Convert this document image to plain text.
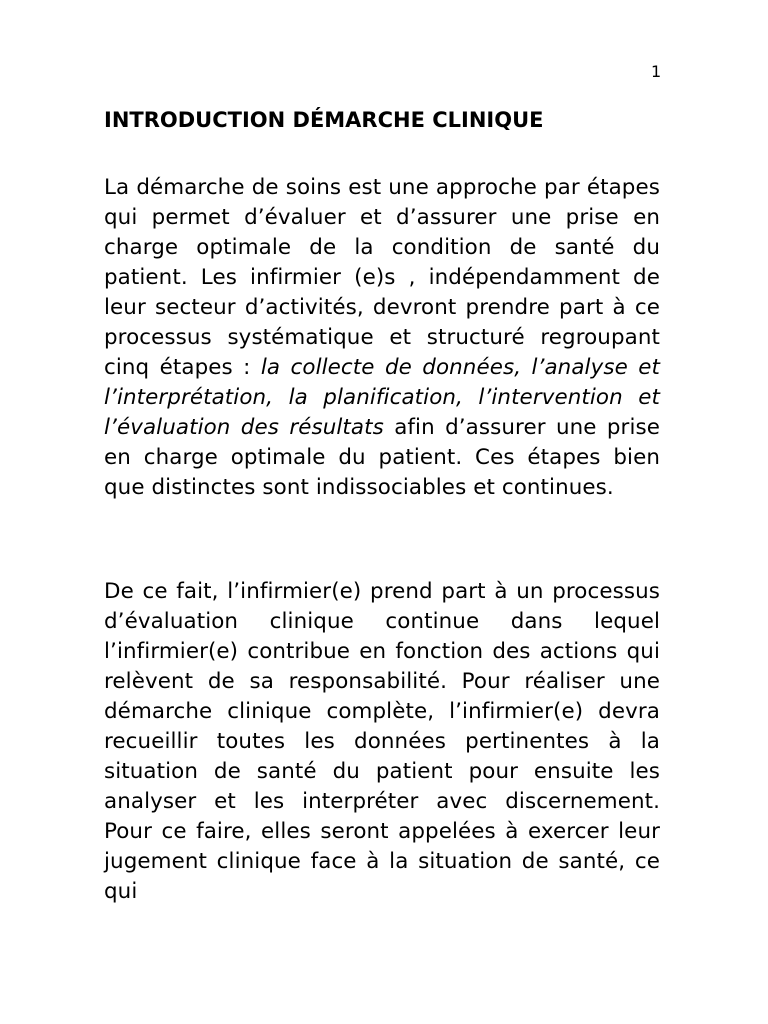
1
INTRODUCTION DÉMARCHE CLINIQUE

La démarche de soins est une approche par étapes qui permet d’évaluer et d’assurer une prise en charge optimale de la condition de santé du patient. Les infirmier (e)s , indépendamment de leur secteur d’activités, devront prendre part à ce processus systématique et structuré regroupant cinq étapes : la collecte de données, l’analyse et l’interprétation, la planification, l’intervention et l’évaluation des résultats afin d’assurer une prise en charge optimale du patient. Ces étapes bien que distinctes sont indissociables et continues.

De ce fait, l’infirmier(e) prend part à un processus d’évaluation clinique continue dans lequel l’infirmier(e) contribue en fonction des actions qui relèvent de sa responsabilité. Pour réaliser une démarche clinique complète, l’infirmier(e) devra recueillir toutes les données pertinentes à la situation de santé du patient pour ensuite les analyser et les interpréter avec discernement. Pour ce faire, elles seront appelées à exercer leur jugement clinique face à la situation de santé, ce qui
